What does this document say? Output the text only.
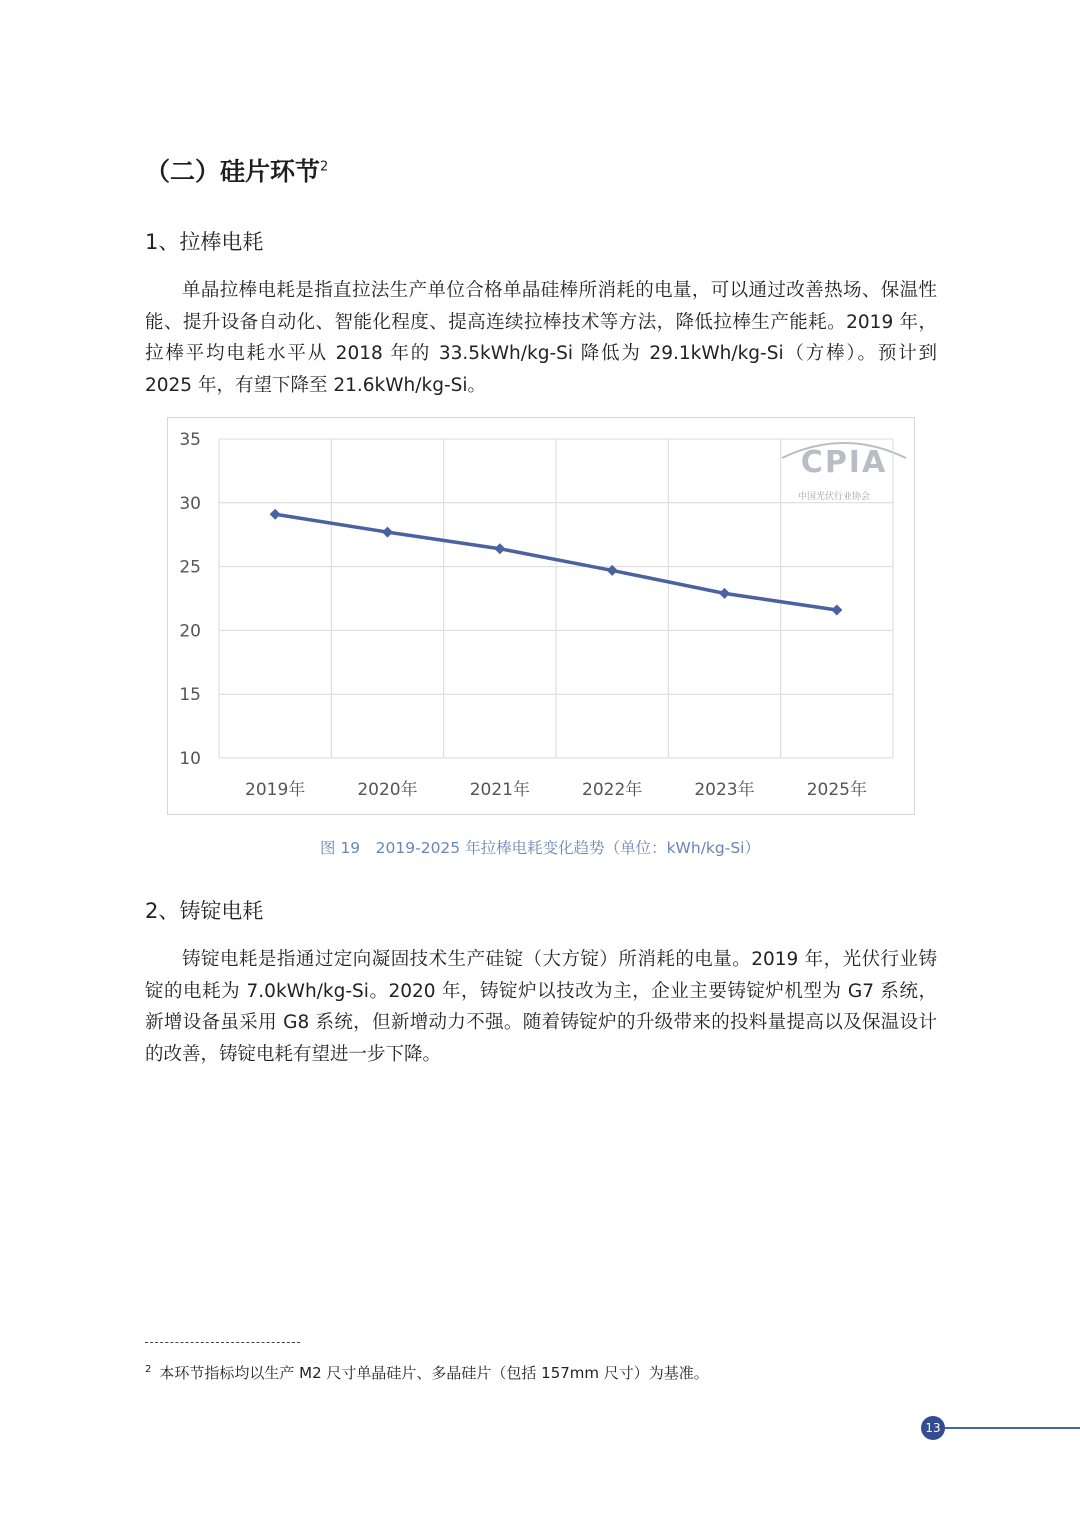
（二）硅片环节$^2$
1、拉棒电耗

单晶拉棒电耗是指直拉法生产单位合格单晶硅棒所消耗的电量，可以通过改善热场、保温性能、提升设备自动化、智能化程度、提高连续拉棒技术等方法，降低拉棒生产能耗。2019 年，拉棒平均电耗水平从 2018 年的 33.5kWh/kg-Si 降低为 29.1kWh/kg-Si（方棒）。预计到 2025 年，有望下降至 21.6kWh/kg-Si。

CPIA
中国光伏行业协会
10
15
20
25
30
35
2019年	2020年	2021年	2022年	2023年	2025年

图 19　2019-2025 年拉棒电耗变化趋势（单位：kWh/kg-Si）

2、铸锭电耗

铸锭电耗是指通过定向凝固技术生产硅锭（大方锭）所消耗的电量。2019 年，光伏行业铸锭的电耗为 7.0kWh/kg-Si。2020 年，铸锭炉以技改为主，企业主要铸锭炉机型为 G7 系统，新增设备虽采用 G8 系统，但新增动力不强。随着铸锭炉的升级带来的投料量提高以及保温设计的改善，铸锭电耗有望进一步下降。

$^2$ 本环节指标均以生产 M2 尺寸单晶硅片、多晶硅片（包括 157mm 尺寸）为基准。

13
